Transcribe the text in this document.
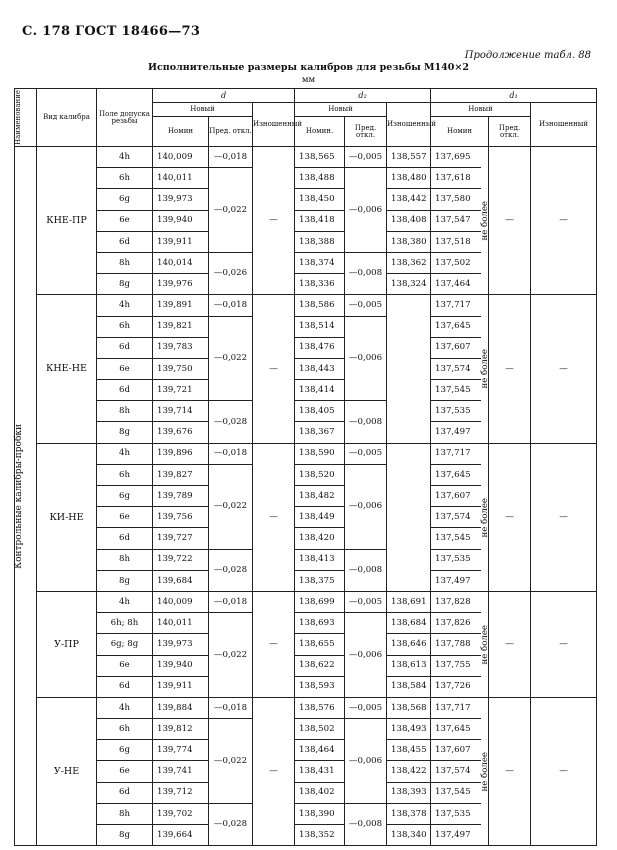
С. 178 ГОСТ 18466—73
Продолжение табл. 88
Исполнительные размеры калибров для резьбы М140×2
мм
Наименование	Вид калибра	Поле допуска резьбы	d			d₂			d₁			
			Новый		Изношенный	Новый		Изношенный	Новый			Изношенный
			Номин	Пред. откл.		Номин.	Пред. откл.		Номин		Пред. откл.	

Контрольные калибры-пробки	КНЕ-ПР	4h	140,009	—0,018	—	138,565	—0,005	138,557	137,695	не более	—	—
		6h	140,011	—0,022		138,488	—0,006	138,480	137,618			
		6g	139,973			138,450		138,442	137,580			
		6e	139,940			138,418		138,408	137,547			
		6d	139,911			138,388		138,380	137,518			
		8h	140,014	—0,026		138,374	—0,008	138,362	137,502			
		8g	139,976			138,336		138,324	137,464			
	КНЕ-НЕ	4h	139,891	—0,018	—	138,586	—0,005		137,717	не более	—	—
		6h	139,821	—0,022		138,514	—0,006		137,645			
		6d	139,783			138,476			137,607			
		6e	139,750			138,443			137,574			
		6d	139,721			138,414			137,545			
		8h	139,714	—0,028		138,405	—0,008		137,535			
		8g	139,676			138,367			137,497			
	КИ-НЕ	4h	139,896	—0,018	—	138,590	—0,005		137,717	не более	—	—
		6h	139,827	—0,022		138,520	—0,006		137,645			
		6g	139,789			138,482			137,607			
		6e	139,756			138,449			137,574			
		6d	139,727			138,420			137,545			
		8h	139,722	—0,028		138,413	—0,008		137,535			
		8g	139,684			138,375			137,497			
	У-ПР	4h	140,009	—0,018	—	138,699	—0,005	138,691	137,828	не более	—	—
		6h; 8h	140,011	—0,022		138,693	—0,006	138,684	137,826			
		6g; 8g	139,973			138,655		138,646	137,788			
		6e	139,940			138,622		138,613	137,755			
		6d	139,911			138,593		138,584	137,726			
	У-НЕ	4h	139,884	—0,018	—	138,576	—0,005	138,568	137,717	не более	—	—
		6h	139,812	—0,022		138,502	—0,006	138,493	137,645			
		6g	139,774			138,464		138,455	137,607			
		6e	139,741			138,431		138,422	137,574			
		6d	139,712			138,402		138,393	137,545			
		8h	139,702	—0,028		138,390	—0,008	138,378	137,535			
		8g	139,664			138,352		138,340	137,497			
